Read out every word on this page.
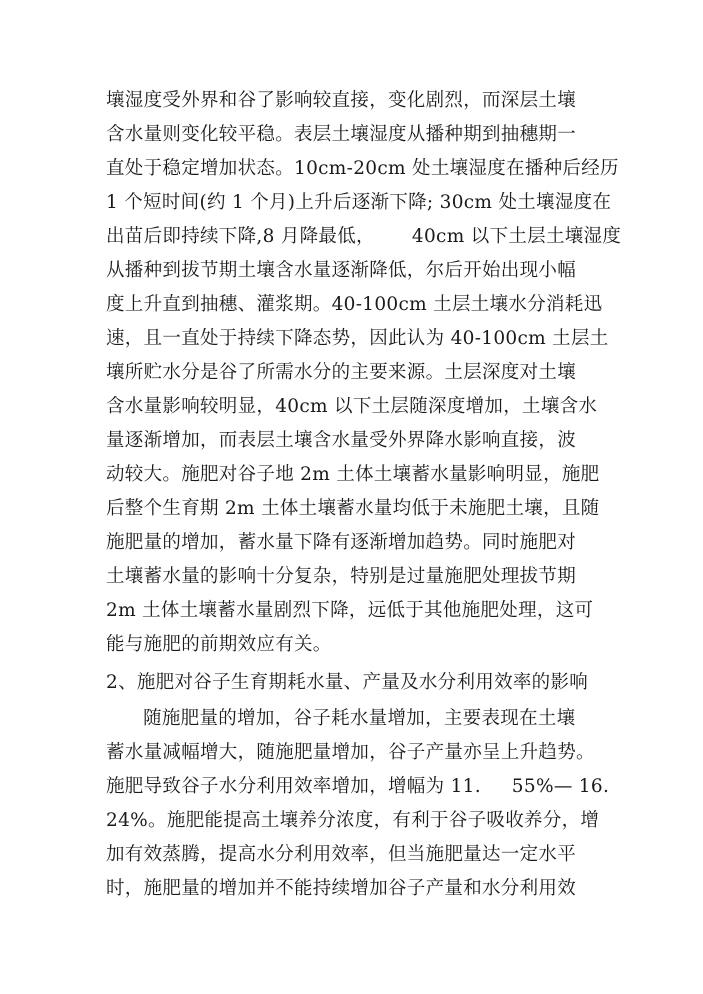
壤湿度受外界和谷了影响较直接，变化剧烈，而深层土壤
含水量则变化较平稳。表层土壤湿度从播种期到抽穗期一
直处于稳定增加状态。10cm-20cm 处土壤湿度在播种后经历
1 个短时间(约 1 个月)上升后逐渐下降; 30cm 处土壤湿度在
出苗后即持续下降,8 月降最低，      40cm 以下土层土壤湿度
从播种到拔节期土壤含水量逐渐降低，尔后开始出现小幅
度上升直到抽穗、灌浆期。40-100cm 土层土壤水分消耗迅
速，且一直处于持续下降态势，因此认为 40-100cm 土层土
壤所贮水分是谷了所需水分的主要来源。土层深度对土壤
含水量影响较明显，40cm 以下土层随深度增加，土壤含水
量逐渐增加，而表层土壤含水量受外界降水影响直接，波
动较大。施肥对谷子地 2m 土体土壤蓄水量影响明显，施肥
后整个生育期 2m 土体土壤蓄水量均低于未施肥土壤，且随
施肥量的增加，蓄水量下降有逐渐增加趋势。同时施肥对
土壤蓄水量的影响十分复杂，特别是过量施肥处理拔节期
2m 土体土壤蓄水量剧烈下降，远低于其他施肥处理，这可
能与施肥的前期效应有关。
2、施肥对谷子生育期耗水量、产量及水分利用效率的影响
随施肥量的增加，谷子耗水量增加，主要表现在土壤
蓄水量减幅增大，随施肥量增加，谷子产量亦呈上升趋势。
施肥导致谷子水分利用效率增加，增幅为 11.     55%— 16.
24%。施肥能提高土壤养分浓度，有利于谷子吸收养分，增
加有效蒸腾，提高水分利用效率，但当施肥量达一定水平
时，施肥量的增加并不能持续增加谷子产量和水分利用效
